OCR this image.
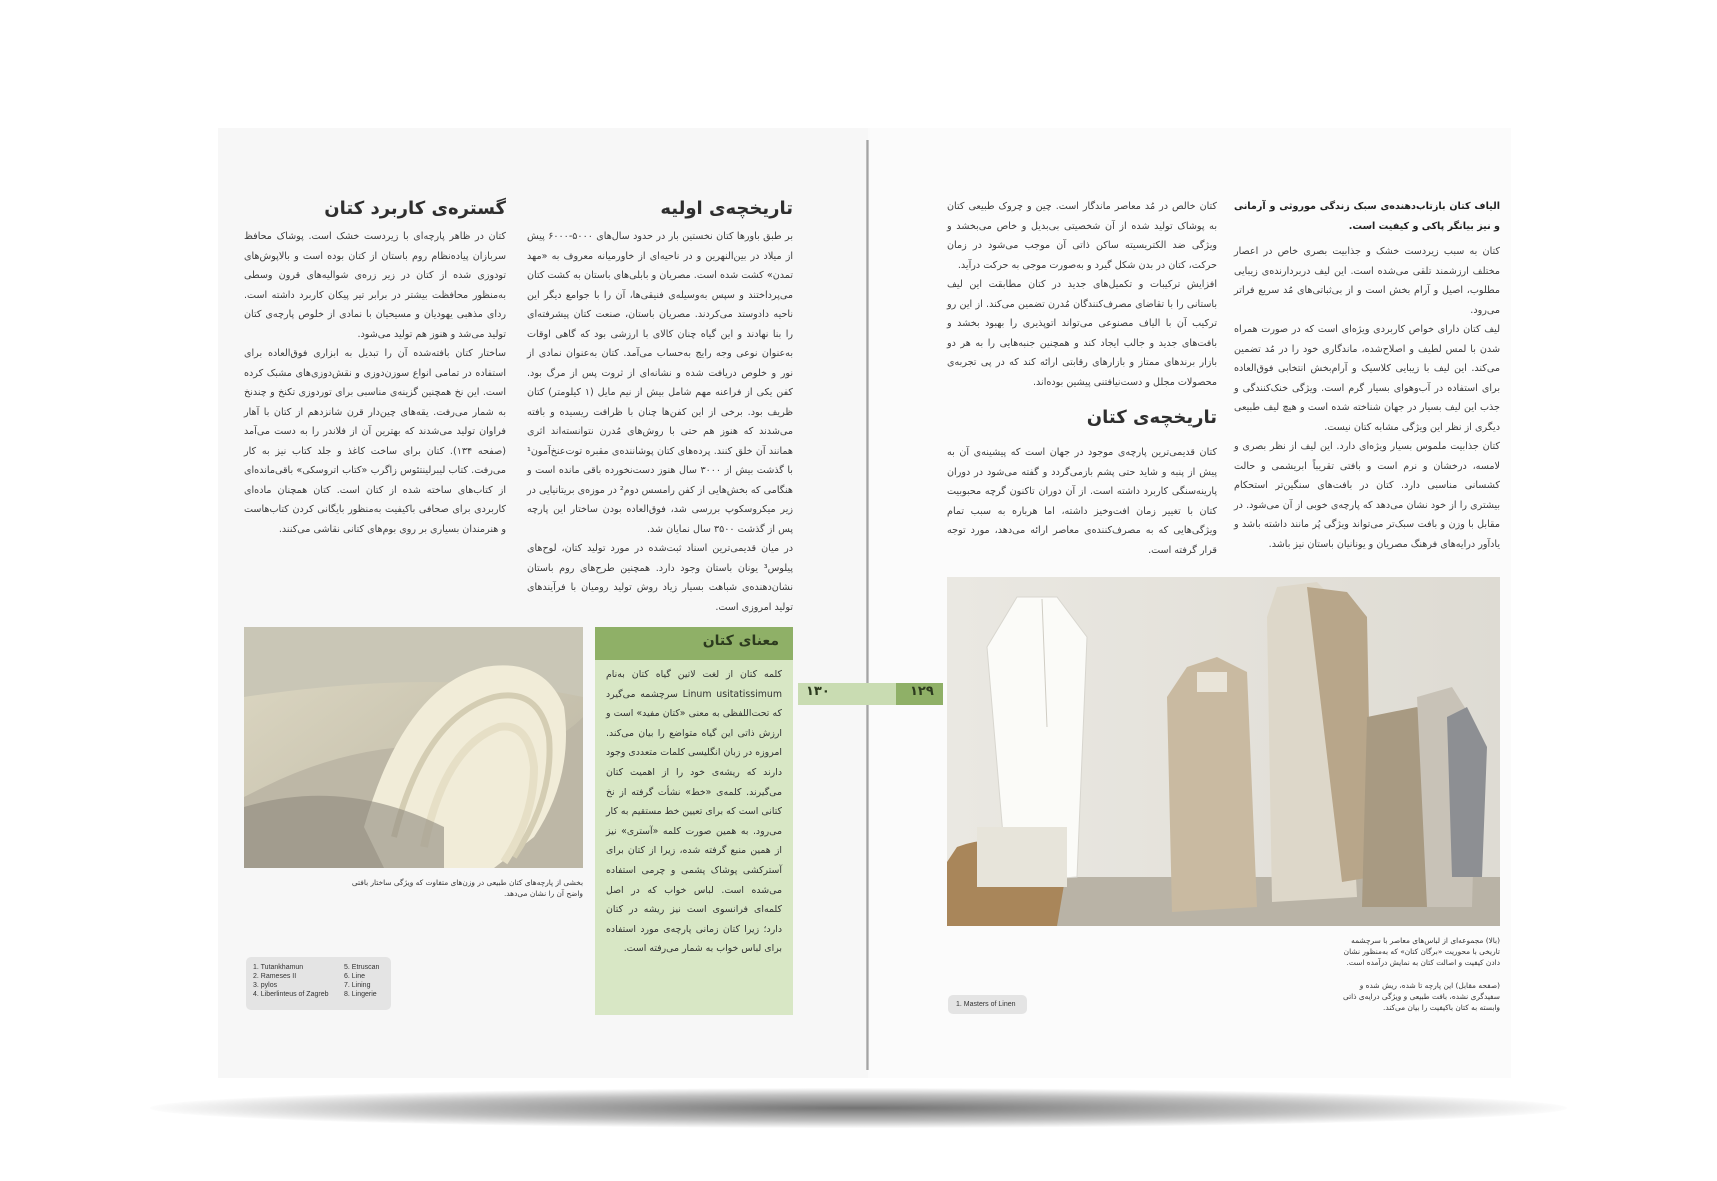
الیاف کتان بازتاب‌دهنده‌ی سبک زندگی موروثی و آرمانی و نیز بیانگر پاکی و کیفیت است.

کتان به سبب زیردست خشک و جذابیت بصری خاص در اعصار مختلف ارزشمند تلقی می‌شده است. این لیف دربردارنده‌ی زیبایی مطلوب، اصیل و آرام بخش است و از بی‌ثباتی‌های مُد سریع فراتر می‌رود.

لیف کتان دارای خواص کاربردی ویژه‌ای است که در صورت همراه شدن با لمس لطیف و اصلاح‌شده، ماندگاری خود را در مُد تضمین می‌کند. این لیف با زیبایی کلاسیک و آرام‌بخش انتخابی فوق‌العاده برای استفاده در آب‌وهوای بسیار گرم است. ویژگی خنک‌کنندگی و جذب این لیف بسیار در جهان شناخته شده است و هیچ لیف طبیعی دیگری از نظر این ویژگی مشابه کتان نیست.

کتان جذابیت ملموس بسیار ویژه‌ای دارد. این لیف از نظر بصری و لامسه، درخشان و نرم است و بافتی تقریباً ابریشمی و حالت کشسانی مناسبی دارد. کتان در بافت‌های سنگین‌تر استحکام بیشتری را از خود نشان می‌دهد که پارچه‌ی خوبی از آن می‌شود. در مقابل با وزن و بافت سبک‌تر می‌تواند ویژگی پُر مانند داشته باشد و یادآور درایه‌های فرهنگ مصریان و یونانیان باستان نیز باشد.

کتان خالص در مُد معاصر ماندگار است. چین و چروک طبیعی کتان به پوشاک تولید شده از آن شخصیتی بی‌بدیل و خاص می‌بخشد و ویژگی ضد الکتریسیته ساکن ذاتی آن موجب می‌شود در زمان حرکت، کتان در بدن شکل گیرد و به‌صورت موجی به حرکت درآید.

افزایش ترکیبات و تکمیل‌های جدید در کتان مطابقت این لیف باستانی را با تقاضای مصرف‌کنندگان مُدرن تضمین می‌کند. از این رو ترکیب آن با الیاف مصنوعی می‌تواند اتوپذیری را بهبود بخشد و بافت‌های جدید و جالب ایجاد کند و همچنین جنبه‌هایی را به هر دو بازار برندهای ممتاز و بازارهای رقابتی ارائه کند که در پی تجربه‌ی محصولات مجلل و دست‌نیافتنی پیشین بوده‌اند.

تاریخچه‌ی کتان

کتان قدیمی‌ترین پارچه‌ی موجود در جهان است که پیشینه‌ی آن به پیش از پنبه و شاید حتی پشم بازمی‌گردد و گفته می‌شود در دوران پارینه‌سنگی کاربرد داشته است. از آن دوران تاکنون گرچه محبوبیت کتان با تغییر زمان افت‌وخیز داشته، اما هرباره به سبب تمام ویژگی‌هایی که به مصرف‌کننده‌ی معاصر ارائه می‌دهد، مورد توجه قرار گرفته است.

(بالا) مجموعه‌ای از لباس‌های معاصر با سرچشمه تاریخی با محوریت «برگان کتان» که به‌منظور نشان دادن کیفیت و اصالت کتان به نمایش درآمده است.
(صفحه مقابل) این پارچه تا شده، ریش شده و سفیدگری نشده، بافت طبیعی و ویژگی درایه‌ی ذاتی وابسته به کتان باکیفیت را بیان می‌کند.
1. Masters of Linen
گستره‌ی کاربرد کتان

کتان در ظاهر پارچه‌ای با زیردست خشک است. پوشاک محافظ سربازان پیاده‌نظام روم باستان از کتان بوده است و بالاپوش‌های تودوزی شده از کتان در زیر زره‌ی شوالیه‌های قرون وسطی به‌منظور محافظت بیشتر در برابر تیر پیکان کاربرد داشته است. ردای مذهبی یهودیان و مسیحیان با نمادی از خلوص پارچه‌ی کتان تولید می‌شد و هنوز هم تولید می‌شود.

ساختار کتان بافته‌شده آن را تبدیل به ابزاری فوق‌العاده برای استفاده در تمامی انواع سوزن‌دوزی و نقش‌دوزی‌های مشبک کرده است. این نخ همچنین گزینه‌ی مناسبی برای توردوزی تکنخ و چندنخ به شمار می‌رفت. یقه‌های چین‌دار قرن شانزدهم از کتان با آهار فراوان تولید می‌شدند که بهترین آن از فلاندر را به دست می‌آمد (صفحه ۱۳۴). کتان برای ساخت کاغذ و جلد کتاب نیز به کار می‌رفت. کتاب لیبرلینتئوس زاگرب «کتاب اتروسکی» باقی‌مانده‌ای از کتاب‌های ساخته شده از کتان است. کتان همچنان ماده‌ای کاربردی برای صحافی باکیفیت به‌منظور بایگانی کردن کتاب‌هاست و هنرمندان بسیاری بر روی بوم‌های کتانی نقاشی می‌کنند.

تاریخچه‌ی اولیه

بر طبق باورها کتان نخستین بار در حدود سال‌های ۵۰۰۰-۶۰۰۰ پیش از میلاد در بین‌النهرین و در ناحیه‌ای از خاورمیانه معروف به «مهد تمدن» کشت شده است. مصریان و بابلی‌های باستان به کشت کتان می‌پرداختند و سپس به‌وسیله‌ی فنیقی‌ها، آن را با جوامع دیگر این ناحیه دادوستد می‌کردند. مصریان باستان، صنعت کتان پیشرفته‌ای را بنا نهادند و این گیاه چنان کالای با ارزشی بود که گاهی اوقات به‌عنوان نوعی وجه رایج به‌حساب می‌آمد. کتان به‌عنوان نمادی از نور و خلوص دریافت شده و نشانه‌ای از ثروت پس از مرگ بود. کفن یکی از فراعنه مهم شامل بیش از نیم مایل (۱ کیلومتر) کتان ظریف بود. برخی از این کفن‌ها چنان با ظرافت ریسیده و بافته می‌شدند که هنوز هم حتی با روش‌های مُدرن نتوانسته‌اند اثری همانند آن خلق کنند. پرده‌های کتان پوشاننده‌ی مقبره توت‌عنخ‌آمون¹ با گذشت بیش از ۳۰۰۰ سال هنوز دست‌نخورده باقی مانده است و هنگامی که بخش‌هایی از کفن رامسس دوم² در موزه‌ی بریتانیایی در زیر میکروسکوپ بررسی شد، فوق‌العاده بودن ساختار این پارچه پس از گذشت ۳۵۰۰ سال نمایان شد.

در میان قدیمی‌ترین اسناد ثبت‌شده در مورد تولید کتان، لوح‌های پیلوس³ یونان باستان وجود دارد. همچنین طرح‌های روم باستان نشان‌دهنده‌ی شباهت بسیار زیاد روش تولید رومیان با فرآیندهای تولید امروزی است.

معنای کتان
کلمه کتان از لغت لاتین گیاه کتان به‌نام Linum usitatissimum سرچشمه می‌گیرد که تحت‌اللفظی به معنی «کتان مفید» است و ارزش ذاتی این گیاه متواضع را بیان می‌کند. امروزه در زبان انگلیسی کلمات متعددی وجود دارند که ریشه‌ی خود را از اهمیت کتان می‌گیرند. کلمه‌ی «خط» نشأت گرفته از نخ کتانی است که برای تعیین خط مستقیم به کار می‌رود. به همین صورت کلمه «آستری» نیز از همین منبع گرفته شده، زیرا از کتان برای آسترکشی پوشاک پشمی و چرمی استفاده می‌شده است. لباس خواب که در اصل کلمه‌ای فرانسوی است نیز ریشه در کتان دارد؛ زیرا کتان زمانی پارچه‌ی مورد استفاده برای لباس خواب به شمار می‌رفته است.
۱۳۰	۱۲۹
بخشی از پارچه‌های کتان طبیعی در وزن‌های متفاوت که ویژگی ساختار بافتی واضح آن را نشان می‌دهد.
1. Tutankhamun
2. Rameses II
3. pylos
4. Liberlinteus of Zagreb
5. Etruscan
6. Line
7. Lining
8. Lingerie
